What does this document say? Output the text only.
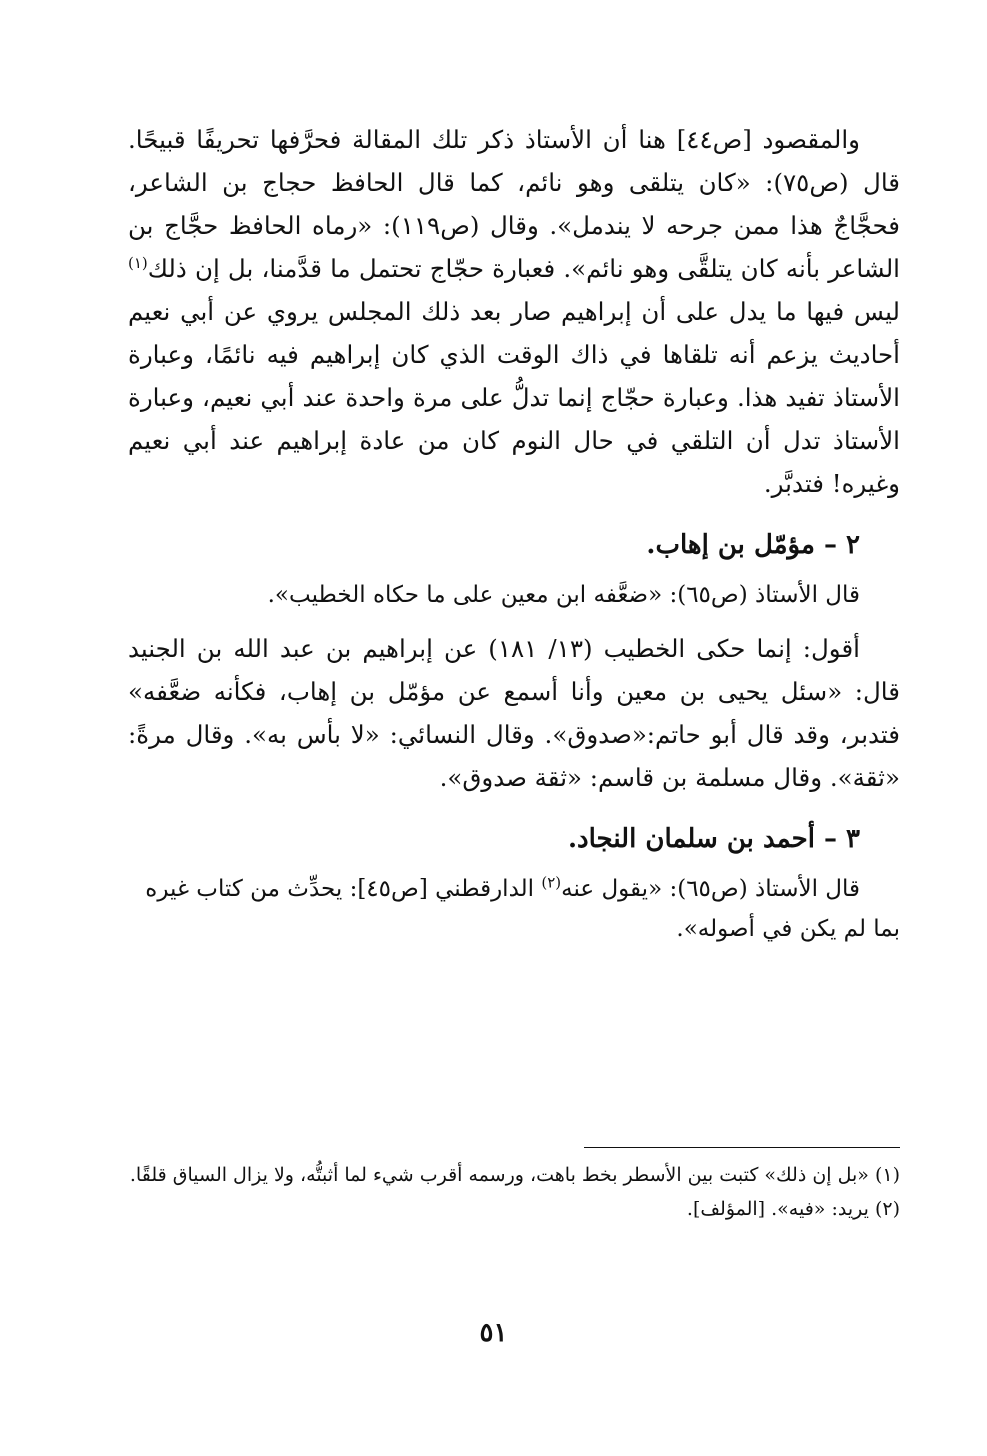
والمقصود [ص٤٤] هنا أن الأستاذ ذكر تلك المقالة فحرَّفها تحريفًا قبيحًا. قال (ص٧٥): «كان يتلقى وهو نائم، كما قال الحافظ حجاج بن الشاعر، فحجَّاجٌ هذا ممن جرحه لا يندمل». وقال (ص١١٩): «رماه الحافظ حجَّاج بن الشاعر بأنه كان يتلقَّى وهو نائم». فعبارة حجّاج تحتمل ما قدَّمنا، بل إن ذلك$^{(١)}$ ليس فيها ما يدل على أن إبراهيم صار بعد ذلك المجلس يروي عن أبي نعيم أحاديث يزعم أنه تلقاها في ذاك الوقت الذي كان إبراهيم فيه نائمًا، وعبارة الأستاذ تفيد هذا. وعبارة حجّاج إنما تدلُّ على مرة واحدة عند أبي نعيم، وعبارة الأستاذ تدل أن التلقي في حال النوم كان من عادة إبراهيم عند أبي نعيم وغيره! فتدبَّر.

٢ – مؤمّل بن إهاب.

قال الأستاذ (ص٦٥): «ضعَّفه ابن معين على ما حكاه الخطيب».

أقول: إنما حكى الخطيب (١٣/ ١٨١) عن إبراهيم بن عبد الله بن الجنيد قال: «سئل يحيى بن معين وأنا أسمع عن مؤمّل بن إهاب، فكأنه ضعَّفه» فتدبر، وقد قال أبو حاتم:«صدوق». وقال النسائي: «لا بأس به». وقال مرةً: «ثقة». وقال مسلمة بن قاسم: «ثقة صدوق».

٣ – أحمد بن سلمان النجاد.

قال الأستاذ (ص٦٥): «يقول عنه$^{(٢)}$ الدارقطني [ص٤٥]: يحدِّث من كتاب غيره بما لم يكن في أصوله».

(١) «بل إن ذلك» كتبت بين الأسطر بخط باهت، ورسمه أقرب شيء لما أثبتُّه، ولا يزال السياق قلقًا.

(٢) يريد: «فيه». [المؤلف].

٥١
